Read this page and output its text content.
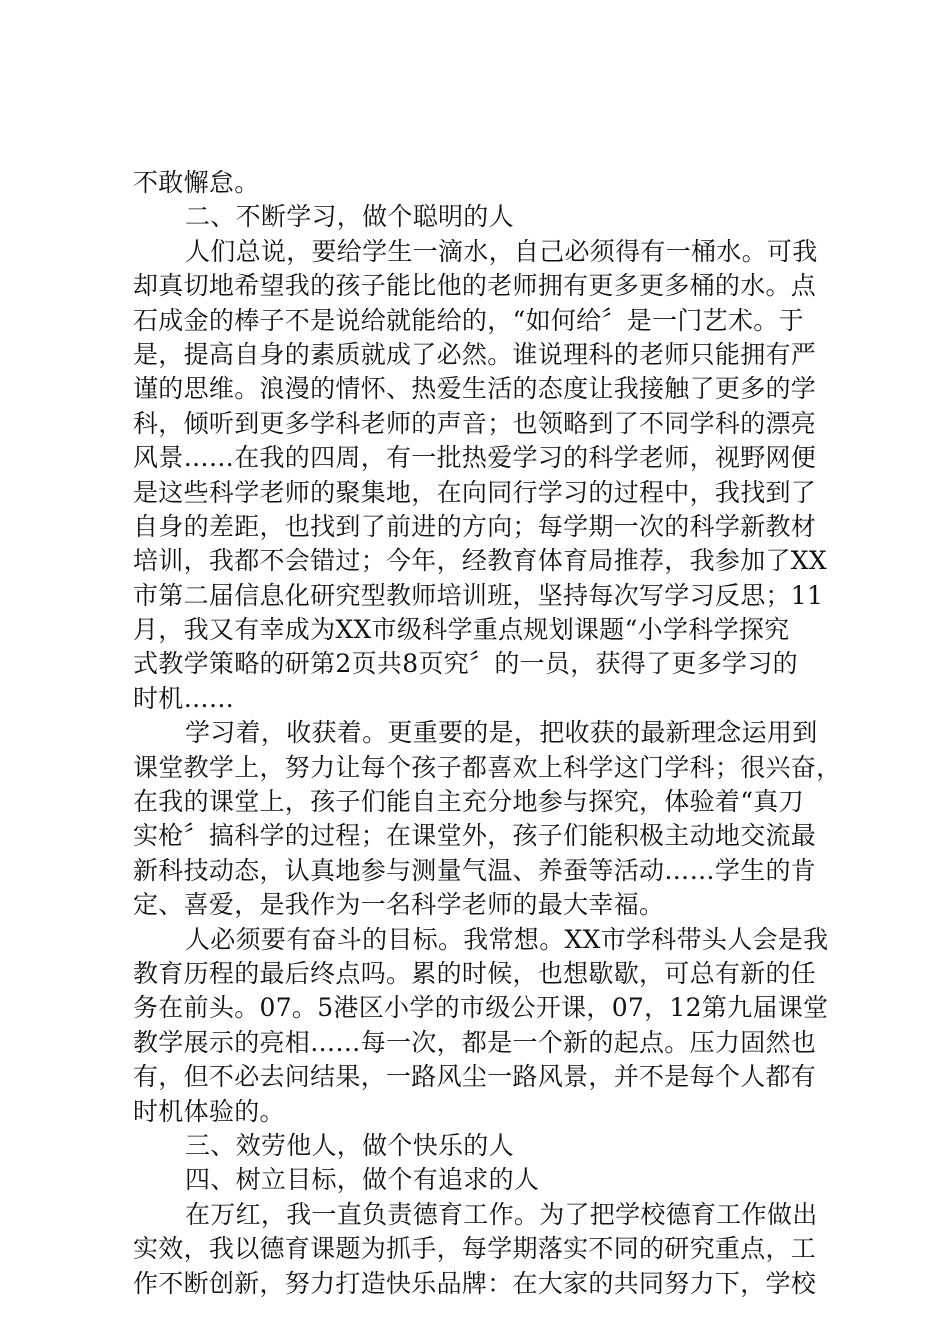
不敢懈怠。
二、不断学习，做个聪明的人
人们总说，要给学生一滴水，自己必须得有一桶水。可我
却真切地希望我的孩子能比他的老师拥有更多更多桶的水。点
石成金的棒子不是说给就能给的，“如何给〞是一门艺术。于
是，提高自身的素质就成了必然。谁说理科的老师只能拥有严
谨的思维。浪漫的情怀、热爱生活的态度让我接触了更多的学
科，倾听到更多学科老师的声音；也领略到了不同学科的漂亮
风景……在我的四周，有一批热爱学习的科学老师，视野网便
是这些科学老师的聚集地，在向同行学习的过程中，我找到了
自身的差距，也找到了前进的方向；每学期一次的科学新教材
培训，我都不会错过；今年，经教育体育局推荐，我参加了XX
市第二届信息化研究型教师培训班，坚持每次写学习反思；11
月，我又有幸成为XX市级科学重点规划课题“小学科学探究
式教学策略的研第2页共8页究〞的一员，获得了更多学习的
时机……
学习着，收获着。更重要的是，把收获的最新理念运用到
课堂教学上，努力让每个孩子都喜欢上科学这门学科；很兴奋，
在我的课堂上，孩子们能自主充分地参与探究，体验着“真刀
实枪〞搞科学的过程；在课堂外，孩子们能积极主动地交流最
新科技动态，认真地参与测量气温、养蚕等活动……学生的肯
定、喜爱，是我作为一名科学老师的最大幸福。
人必须要有奋斗的目标。我常想。XX市学科带头人会是我
教育历程的最后终点吗。累的时候，也想歇歇，可总有新的任
务在前头。07。5港区小学的市级公开课，07，12第九届课堂
教学展示的亮相……每一次，都是一个新的起点。压力固然也
有，但不必去问结果，一路风尘一路风景，并不是每个人都有
时机体验的。
三、效劳他人，做个快乐的人
四、树立目标，做个有追求的人
在万红，我一直负责德育工作。为了把学校德育工作做出
实效，我以德育课题为抓手，每学期落实不同的研究重点，工
作不断创新，努力打造快乐品牌：在大家的共同努力下，学校
